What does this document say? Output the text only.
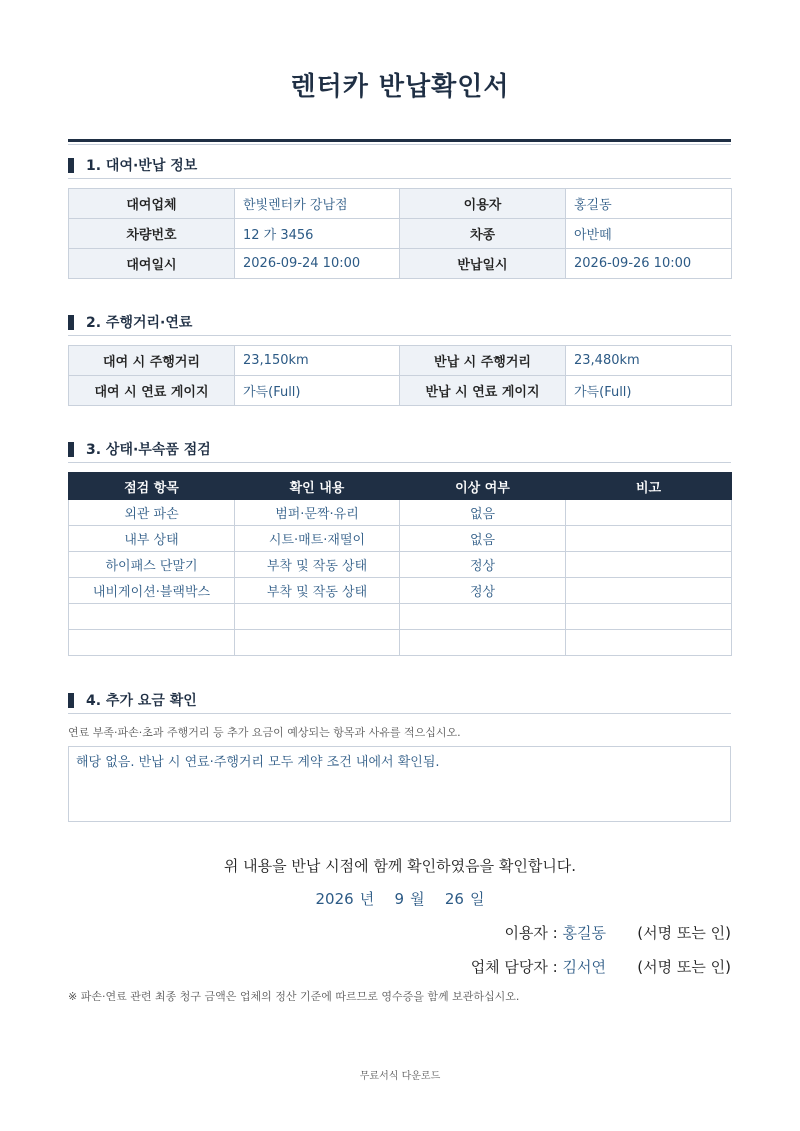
렌터카 반납확인서
1. 대여·반납 정보
대여업체	한빛렌터카 강남점	이용자	홍길동
차량번호	12 가 3456	차종	아반떼
대여일시	2026-09-24 10:00	반납일시	2026-09-26 10:00
2. 주행거리·연료
대여 시 주행거리	23,150km	반납 시 주행거리	23,480km
대여 시 연료 게이지	가득(Full)	반납 시 연료 게이지	가득(Full)
3. 상태·부속품 점검
점검 항목	확인 내용	이상 여부	비고
외관 파손	범퍼·문짝·유리	없음	
내부 상태	시트·매트·재떨이	없음	
하이패스 단말기	부착 및 작동 상태	정상	
내비게이션·블랙박스	부착 및 작동 상태	정상	

4. 추가 요금 확인
연료 부족·파손·초과 주행거리 등 추가 요금이 예상되는 항목과 사유를 적으십시오.
해당 없음. 반납 시 연료·주행거리 모두 계약 조건 내에서 확인됨.
위 내용을 반납 시점에 함께 확인하였음을 확인합니다.
2026 년 9 월 26 일
이용자 : 홍길동 (서명 또는 인)
업체 담당자 : 김서연 (서명 또는 인)
※ 파손·연료 관련 최종 청구 금액은 업체의 정산 기준에 따르므로 영수증을 함께 보관하십시오.
무료서식 다운로드
